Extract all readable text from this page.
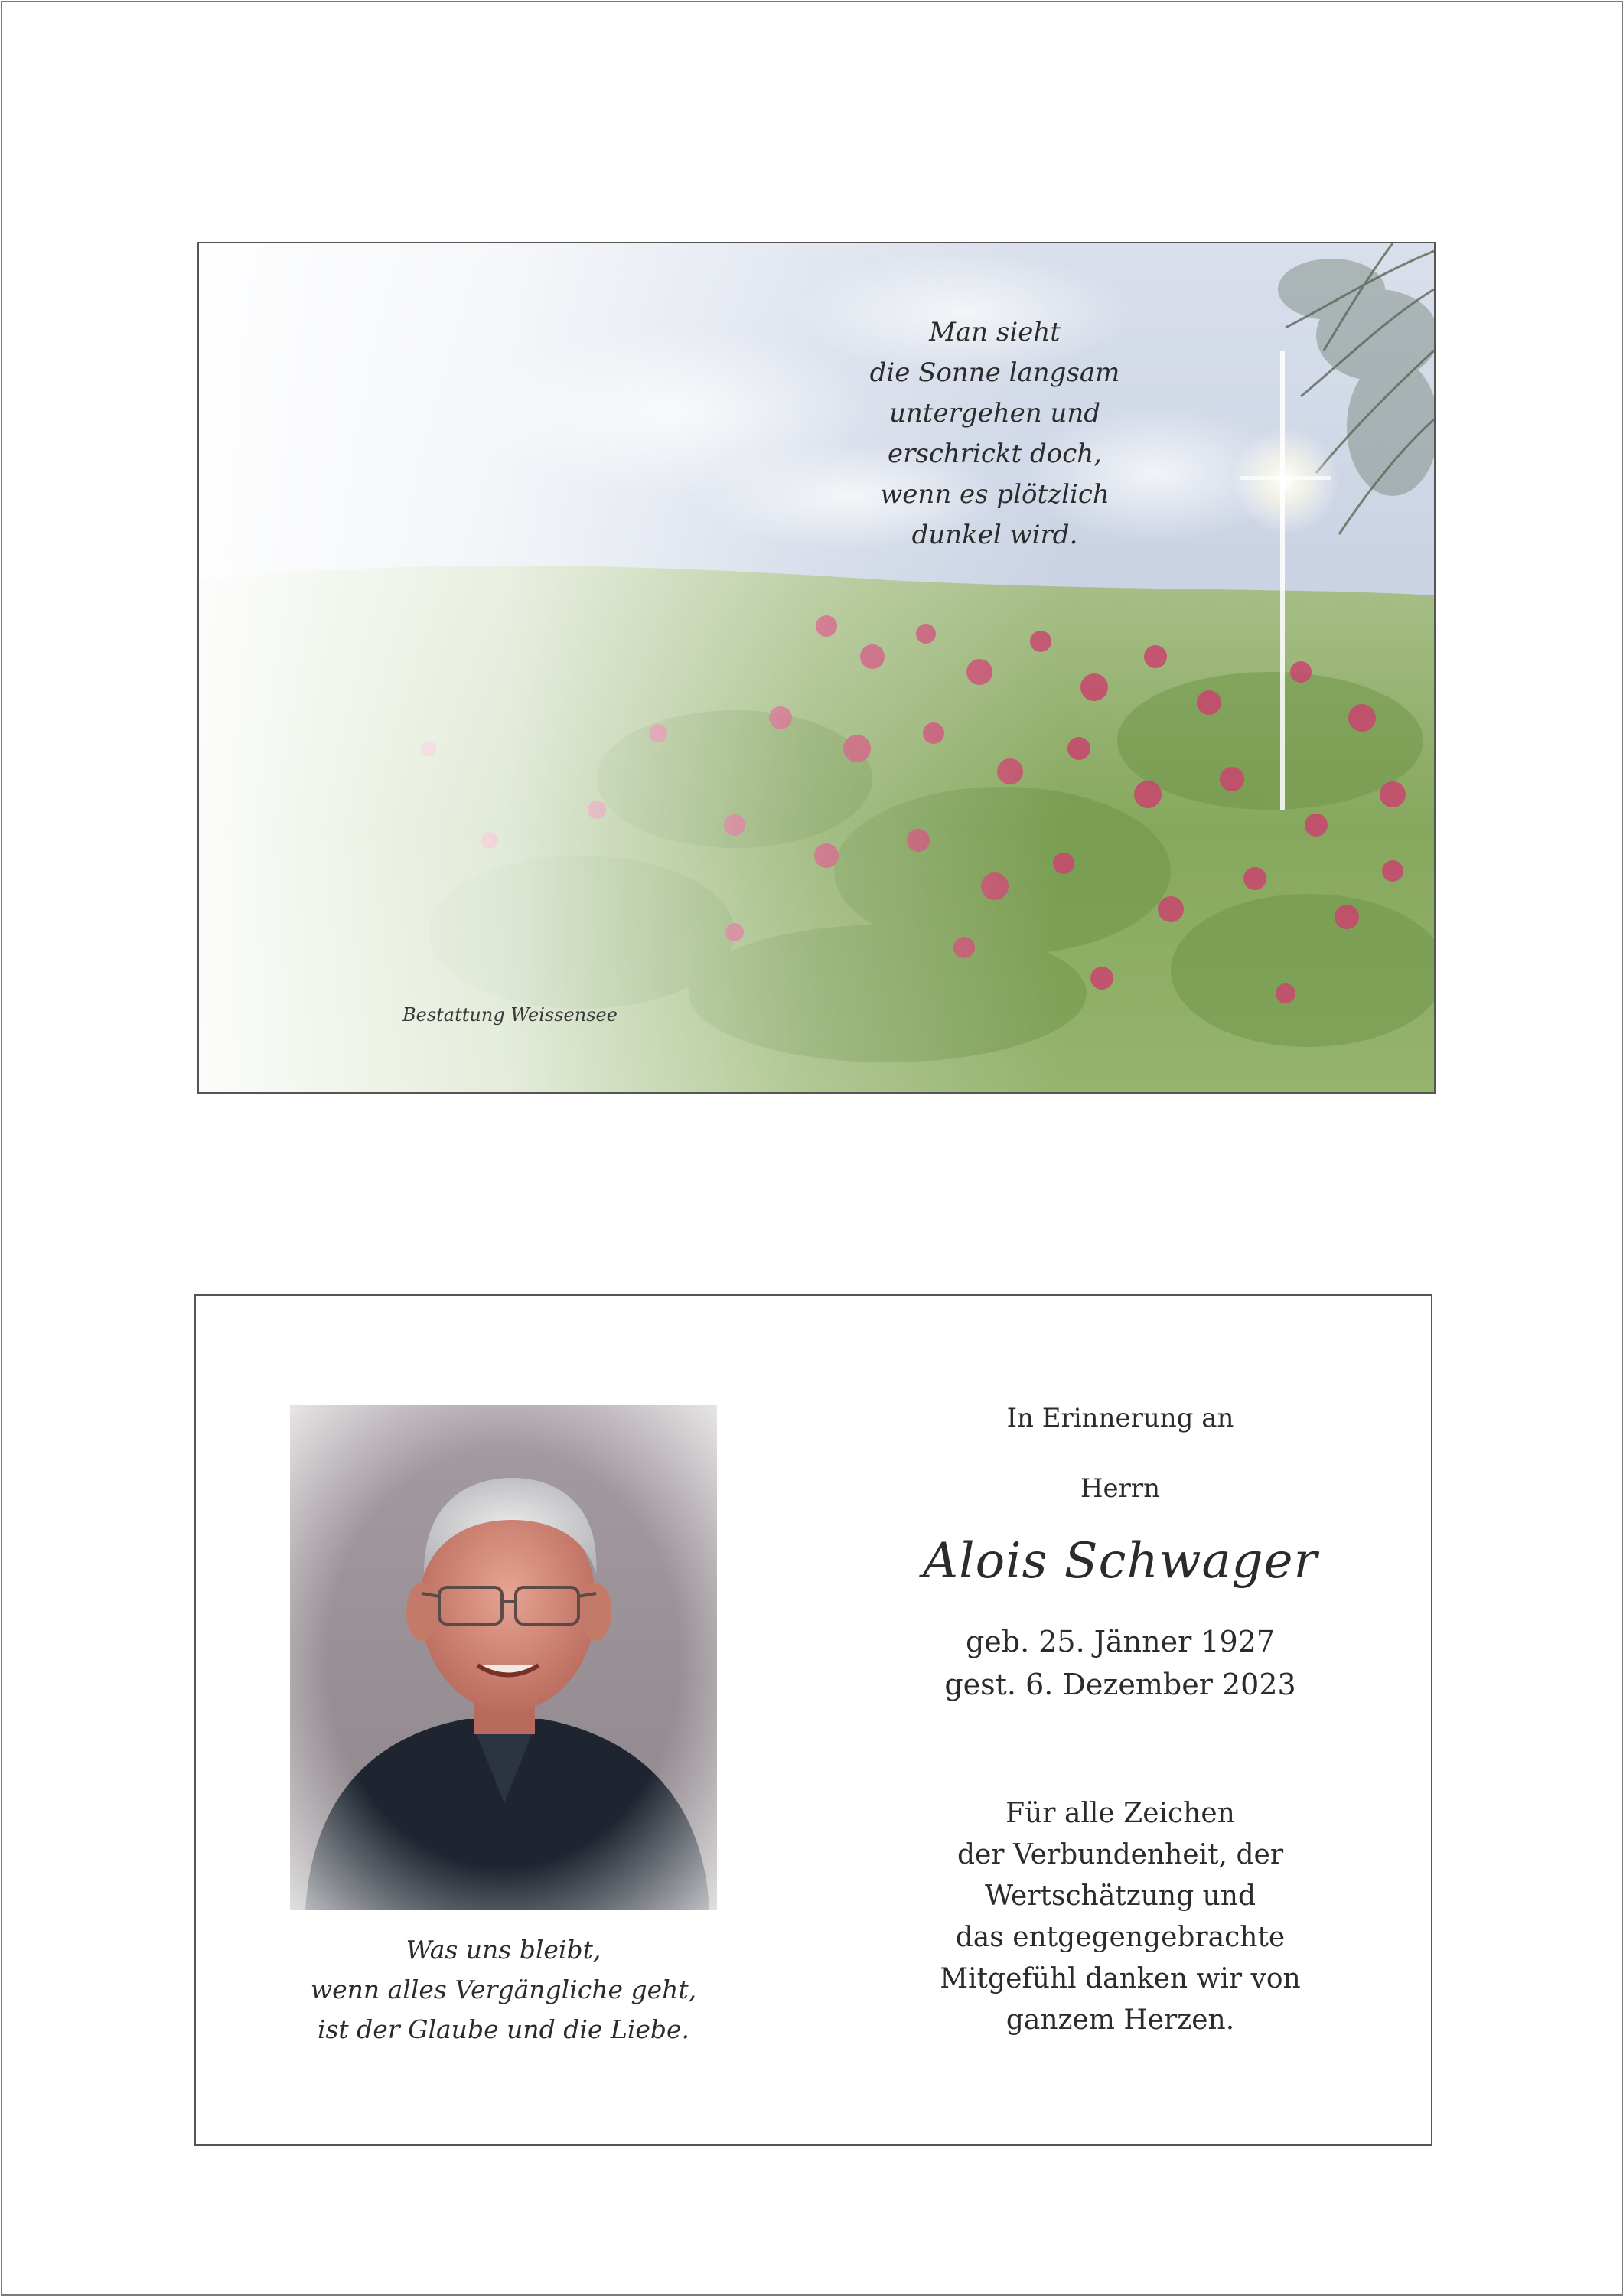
Man sieht
die Sonne langsam
untergehen und
erschrickt doch,
wenn es plötzlich
dunkel wird.
Bestattung Weissensee
Was uns bleibt,
wenn alles Vergängliche geht,
ist der Glaube und die Liebe.
In Erinnerung an
Herrn
Alois Schwager
geb. 25. Jänner 1927
gest. 6. Dezember 2023
Für alle Zeichen
der Verbundenheit, der
Wertschätzung und
das entgegengebrachte
Mitgefühl danken wir von
ganzem Herzen.
